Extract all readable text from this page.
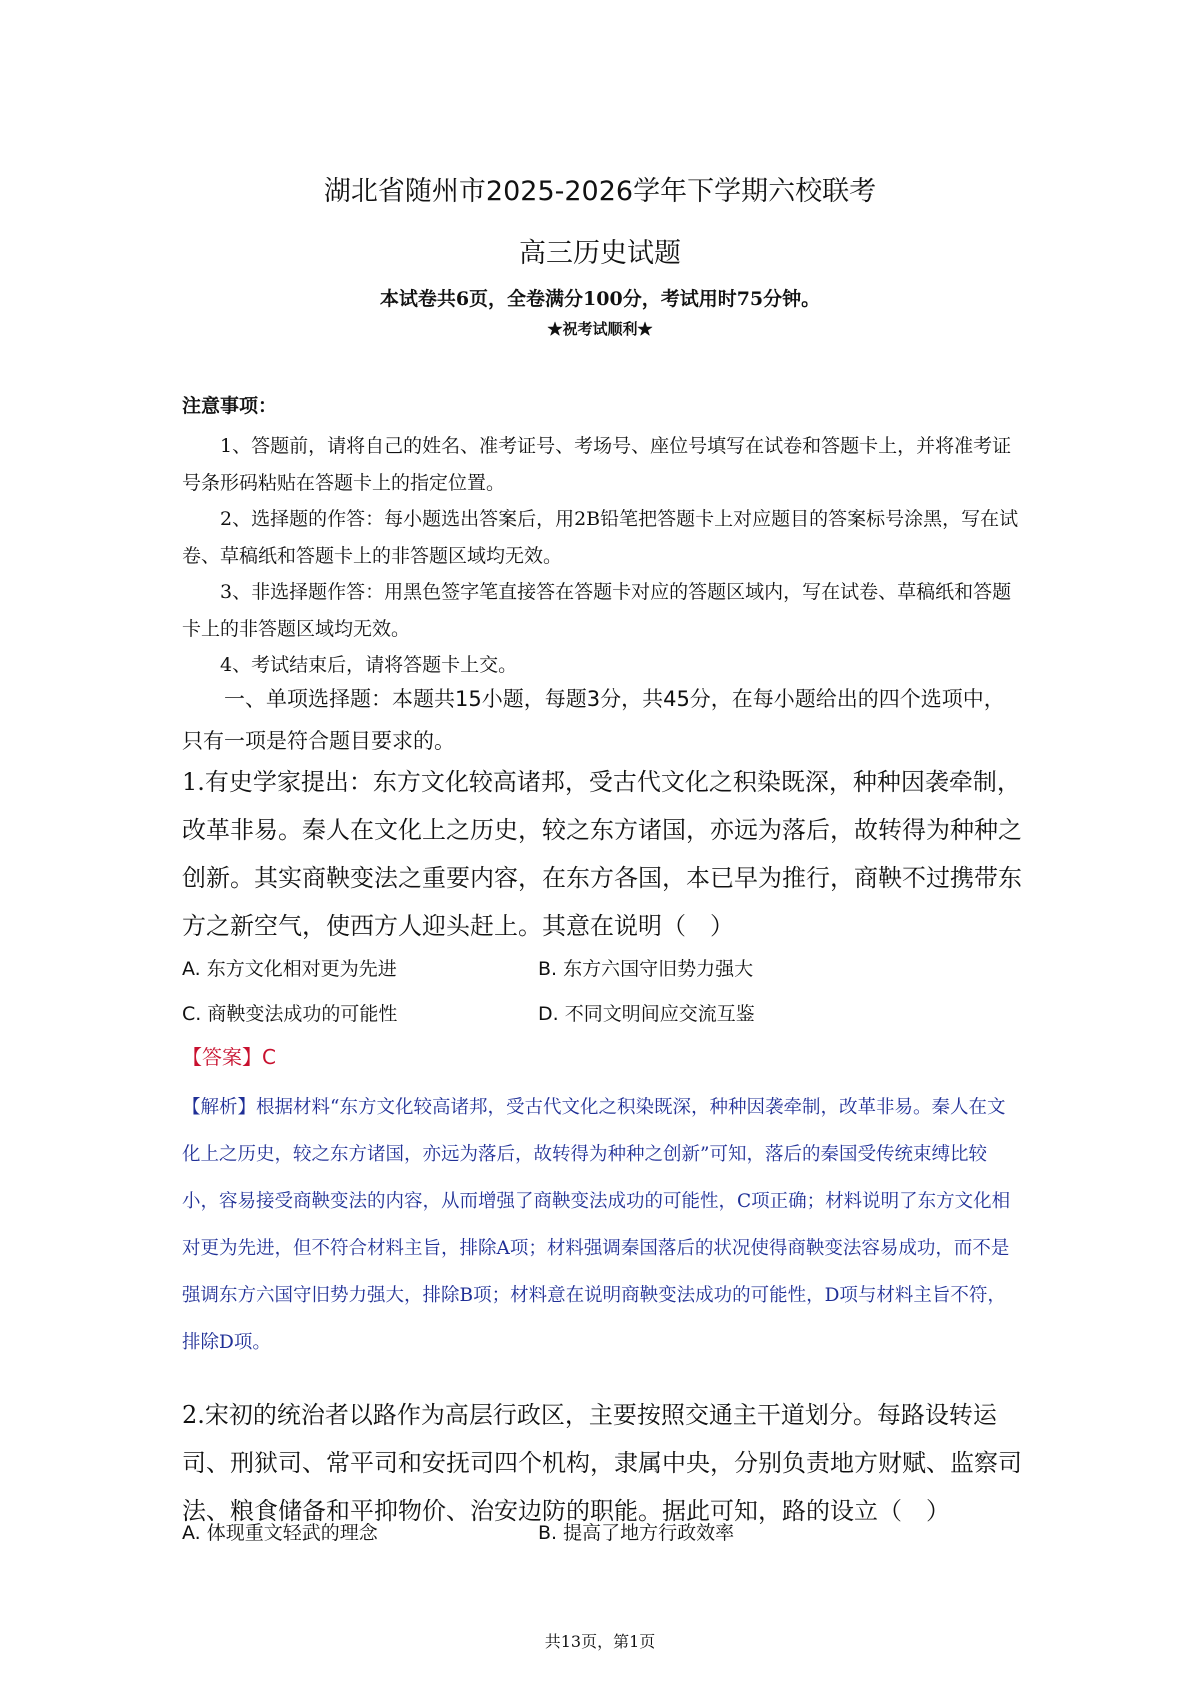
湖北省随州市2025-2026学年下学期六校联考
高三历史试题
本试卷共6页，全卷满分100分，考试用时75分钟。
★祝考试顺利★
注意事项：

1、答题前，请将自己的姓名、准考证号、考场号、座位号填写在试卷和答题卡上，并将准考证号条形码粘贴在答题卡上的指定位置。

2、选择题的作答：每小题选出答案后，用2B铅笔把答题卡上对应题目的答案标号涂黑，写在试卷、草稿纸和答题卡上的非答题区域均无效。

3、非选择题作答：用黑色签字笔直接答在答题卡对应的答题区域内，写在试卷、草稿纸和答题卡上的非答题区域均无效。

4、考试结束后，请将答题卡上交。

一、单项选择题：本题共15小题，每题3分，共45分，在每小题给出的四个选项中，只有一项是符合题目要求的。

1.有史学家提出：东方文化较高诸邦，受古代文化之积染既深，种种因袭牵制，改革非易。秦人在文化上之历史，较之东方诸国，亦远为落后，故转得为种种之创新。其实商鞅变法之重要内容，在东方各国，本已早为推行，商鞅不过携带东方之新空气，使西方人迎头赶上。其意在说明（　）

A. 东方文化相对更为先进	B. 东方六国守旧势力强大
C. 商鞅变法成功的可能性	D. 不同文明间应交流互鉴
【答案】C

【解析】根据材料“东方文化较高诸邦，受古代文化之积染既深，种种因袭牵制，改革非易。秦人在文化上之历史，较之东方诸国，亦远为落后，故转得为种种之创新”可知，落后的秦国受传统束缚比较小，容易接受商鞅变法的内容，从而增强了商鞅变法成功的可能性，C项正确；材料说明了东方文化相对更为先进，但不符合材料主旨，排除A项；材料强调秦国落后的状况使得商鞅变法容易成功，而不是强调东方六国守旧势力强大，排除B项；材料意在说明商鞅变法成功的可能性，D项与材料主旨不符，排除D项。

2.宋初的统治者以路作为高层行政区，主要按照交通主干道划分。每路设转运司、刑狱司、常平司和安抚司四个机构，隶属中央，分别负责地方财赋、监察司法、粮食储备和平抑物价、治安边防的职能。据此可知，路的设立（　）

A. 体现重文轻武的理念	B. 提高了地方行政效率
共13页，第1页
